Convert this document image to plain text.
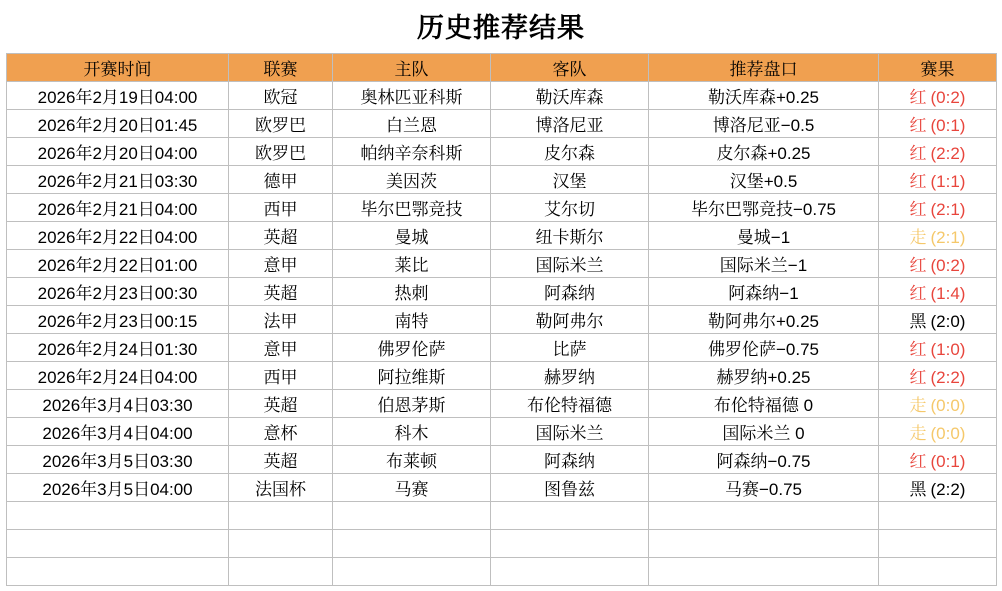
历史推荐结果
开赛时间	联赛	主队	客队	推荐盘口	赛果
2026年2月19日04:00	欧冠	奥林匹亚科斯	勒沃库森	勒沃库森+0.25	红 (0:2)
2026年2月20日01:45	欧罗巴	白兰恩	博洛尼亚	博洛尼亚−0.5	红 (0:1)
2026年2月20日04:00	欧罗巴	帕纳辛奈科斯	皮尔森	皮尔森+0.25	红 (2:2)
2026年2月21日03:30	德甲	美因茨	汉堡	汉堡+0.5	红 (1:1)
2026年2月21日04:00	西甲	毕尔巴鄂竞技	艾尔切	毕尔巴鄂竞技−0.75	红 (2:1)
2026年2月22日04:00	英超	曼城	纽卡斯尔	曼城−1	走 (2:1)
2026年2月22日01:00	意甲	莱比	国际米兰	国际米兰−1	红 (0:2)
2026年2月23日00:30	英超	热刺	阿森纳	阿森纳−1	红 (1:4)
2026年2月23日00:15	法甲	南特	勒阿弗尔	勒阿弗尔+0.25	黑 (2:0)
2026年2月24日01:30	意甲	佛罗伦萨	比萨	佛罗伦萨−0.75	红 (1:0)
2026年2月24日04:00	西甲	阿拉维斯	赫罗纳	赫罗纳+0.25	红 (2:2)
2026年3月4日03:30	英超	伯恩茅斯	布伦特福德	布伦特福德 0	走 (0:0)
2026年3月4日04:00	意杯	科木	国际米兰	国际米兰 0	走 (0:0)
2026年3月5日03:30	英超	布莱顿	阿森纳	阿森纳−0.75	红 (0:1)
2026年3月5日04:00	法国杯	马赛	图鲁兹	马赛−0.75	黑 (2:2)
